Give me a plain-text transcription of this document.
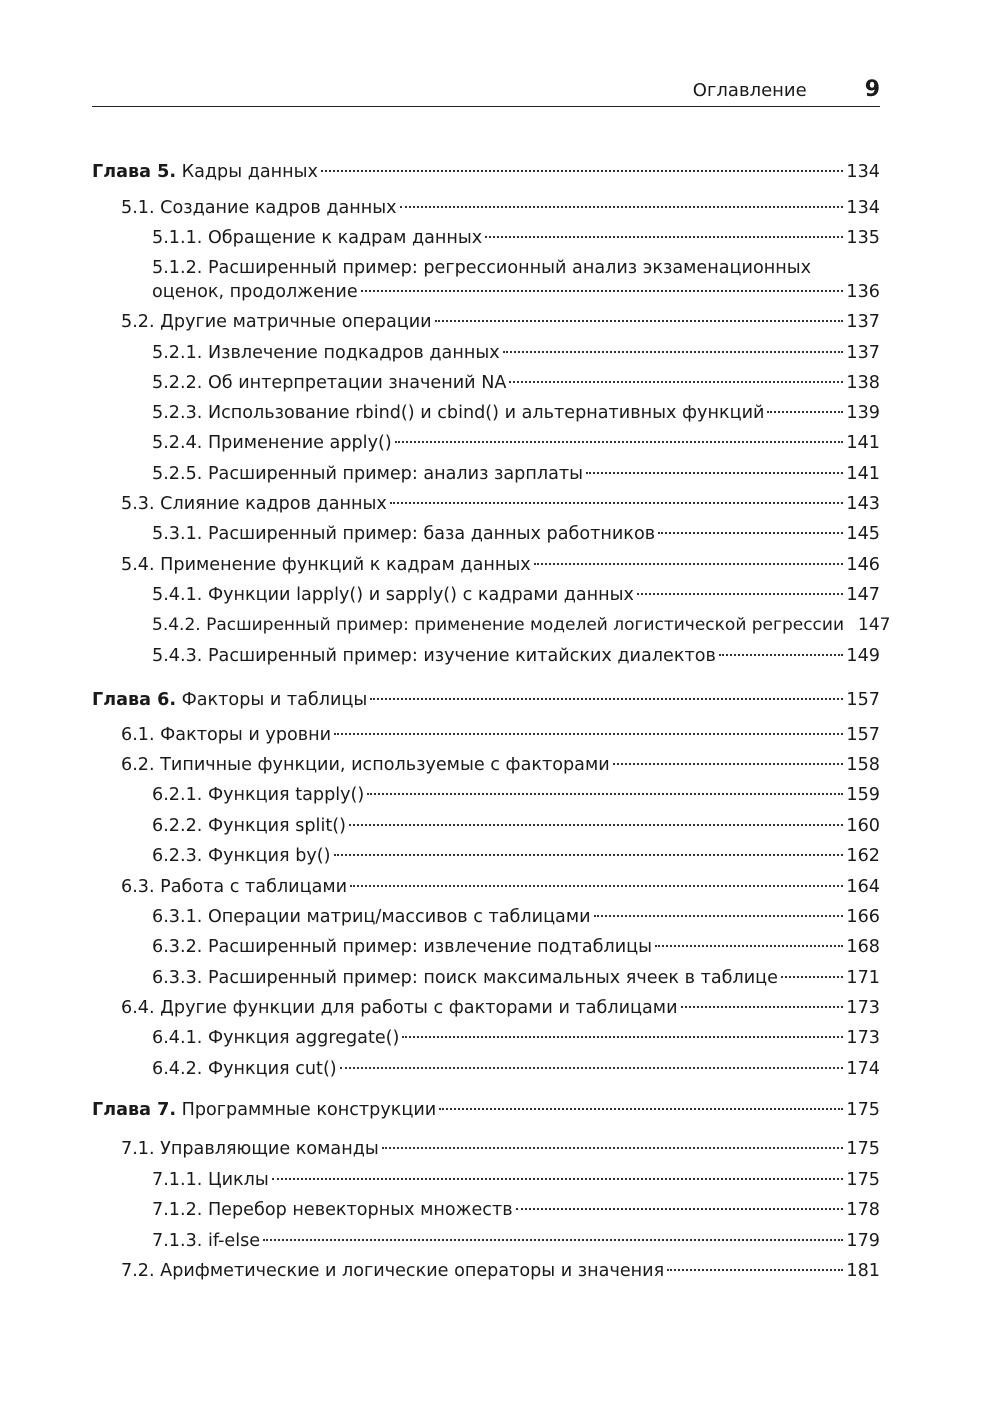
Оглавление	9
Глава 5. Кадры данных	134
5.1. Создание кадров данных	134
5.1.1. Обращение к кадрам данных	135
5.1.2. Расширенный пример: регрессионный анализ экзаменационных
оценок, продолжение	136
5.2. Другие матричные операции	137
5.2.1. Извлечение подкадров данных	137
5.2.2. Об интерпретации значений NA	138
5.2.3. Использование rbind() и cbind() и альтернативных функций	139
5.2.4. Применение apply()	141
5.2.5. Расширенный пример: анализ зарплаты	141
5.3. Слияние кадров данных	143
5.3.1. Расширенный пример: база данных работников	145
5.4. Применение функций к кадрам данных	146
5.4.1. Функции lapply() и sapply() с кадрами данных	147
5.4.2. Расширенный пример: применение моделей логистической регрессии 147
5.4.3. Расширенный пример: изучение китайских диалектов	149
Глава 6. Факторы и таблицы	157
6.1. Факторы и уровни	157
6.2. Типичные функции, используемые с факторами	158
6.2.1. Функция tapply()	159
6.2.2. Функция split()	160
6.2.3. Функция by()	162
6.3. Работа с таблицами	164
6.3.1. Операции матриц/массивов с таблицами	166
6.3.2. Расширенный пример: извлечение подтаблицы	168
6.3.3. Расширенный пример: поиск максимальных ячеек в таблице	171
6.4. Другие функции для работы с факторами и таблицами	173
6.4.1. Функция aggregate()	173
6.4.2. Функция cut()	174
Глава 7. Программные конструкции	175
7.1. Управляющие команды	175
7.1.1. Циклы	175
7.1.2. Перебор невекторных множеств	178
7.1.3. if-else	179
7.2. Арифметические и логические операторы и значения	181
